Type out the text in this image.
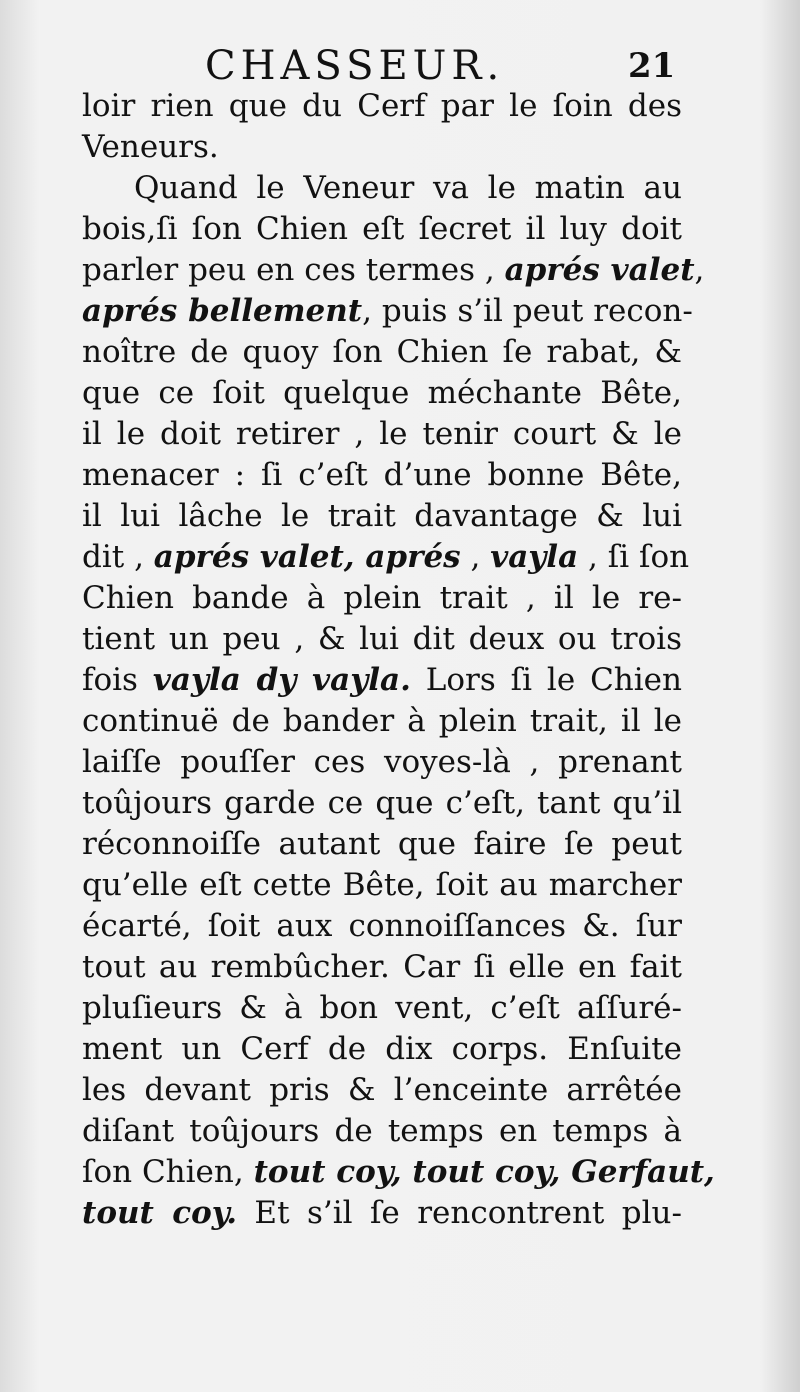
CHASSEUR.	21
loir rien que du Cerf par le ſoin des
Veneurs.
Quand le Veneur va le matin au
bois,ſi ſon Chien eſt ſecret il luy doit
parler peu en ces termes , aprés valet,
aprés bellement, puis s’il peut recon-
noître de quoy ſon Chien ſe rabat, &
que ce ſoit quelque méchante Bête,
il le doit retirer , le tenir court & le
menacer : ſi c’eſt d’une bonne Bête,
il lui lâche le trait davantage & lui
dit , aprés valet, aprés , vayla , ſi ſon
Chien bande à plein trait , il le re-
tient un peu , & lui dit deux ou trois
fois vayla dy vayla. Lors ſi le Chien
continuë de bander à plein trait, il le
laiſſe pouſſer ces voyes-là , prenant
toûjours garde ce que c’eſt, tant qu’il
réconnoiſſe autant que faire ſe peut
qu’elle eſt cette Bête, ſoit au marcher
écarté, ſoit aux connoiſſances &. ſur
tout au rembûcher. Car ſi elle en fait
pluſieurs & à bon vent, c’eſt aſſuré-
ment un Cerf de dix corps. Enſuite
les devant pris & l’enceinte arrêtée
diſant toûjours de temps en temps à
ſon Chien, tout coy, tout coy, Gerfaut,
tout coy. Et s’il ſe rencontrent plu-
